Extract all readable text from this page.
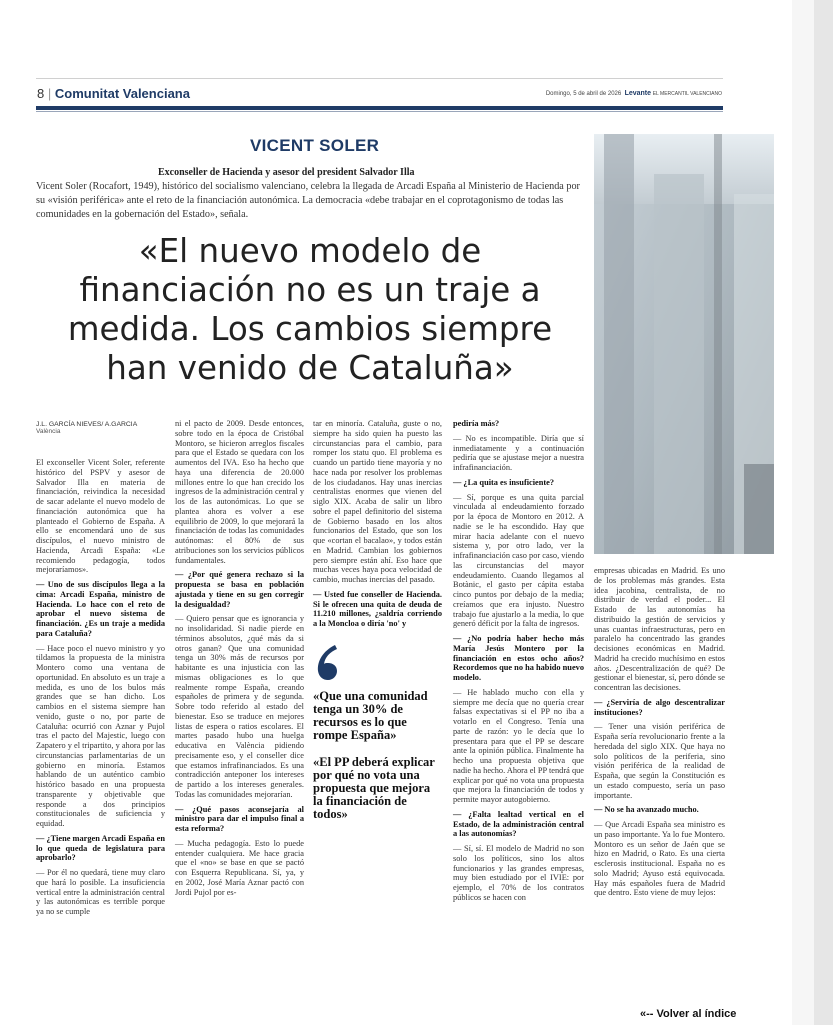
8 | Comunitat Valenciana	Domingo, 5 de abril de 2026 Levante EL MERCANTIL VALENCIANO
VICENT SOLER
Exconseller de Hacienda y asesor del president Salvador Illa
Vicent Soler (Rocafort, 1949), histórico del socialismo valenciano, celebra la llegada de Arcadi España al Ministerio de Hacienda por su «visión periférica» ante el reto de la financiación autonómica. La democracia «debe trabajar en el coprotagonismo de todas las comunidades en la gobernación del Estado», señala.
«El nuevo modelo de financiación no es un traje a medida. Los cambios siempre han venido de Cataluña»
J.L. GARCÍA NIEVES/ A.GARCIA
València

El exconseller Vicent Soler, referente histórico del PSPV y asesor de Salvador Illa en materia de financiación, reivindica la necesidad de sacar adelante el nuevo modelo de financiación autonómica que ha planteado el Gobierno de España. A ello se encomendará uno de sus discípulos, el nuevo ministro de Hacienda, Arcadi España: «Le recomiendo pedagogía, todos mejoraríamos».

— Uno de sus discípulos llega a la cima: Arcadi España, ministro de Hacienda. Lo hace con el reto de aprobar el nuevo sistema de financiación. ¿Es un traje a medida para Cataluña?

— Hace poco el nuevo ministro y yo tildamos la propuesta de la ministra Montero como una ventana de oportunidad. En absoluto es un traje a medida, es uno de los bulos más grandes que se han dicho. Los cambios en el sistema siempre han venido, guste o no, por parte de Cataluña: ocurrió con Aznar y Pujol tras el pacto del Majestic, luego con Zapatero y el tripartito, y ahora por las circunstancias parlamentarias de un gobierno en minoría. Estamos hablando de un auténtico cambio histórico basado en una propuesta transparente y objetivable que responde a dos principios constitucionales de suficiencia y equidad.

— ¿Tiene margen Arcadi España en lo que queda de legislatura para aprobarlo?

— Por él no quedará, tiene muy claro que hará lo posible. La insuficiencia vertical entre la administración central y las autonómicas es terrible porque ya no se cumple

ni el pacto de 2009. Desde entonces, sobre todo en la época de Cristóbal Montoro, se hicieron arreglos fiscales para que el Estado se quedara con los aumentos del IVA. Eso ha hecho que haya una diferencia de 20.000 millones entre lo que han crecido los ingresos de la administración central y los de las autonómicas. Lo que se plantea ahora es volver a ese equilibrio de 2009, lo que mejorará la financiación de todas las comunidades autónomas: el 80% de sus atribuciones son los servicios públicos fundamentales.

— ¿Por qué genera rechazo si la propuesta se basa en población ajustada y tiene en su gen corregir la desigualdad?

— Quiero pensar que es ignorancia y no insolidaridad. Si nadie pierde en términos absolutos, ¿qué más da si otros ganan? Que una comunidad tenga un 30% más de recursos por habitante es una injusticia con las mismas obligaciones es lo que realmente rompe España, creando españoles de primera y de segunda. Sobre todo referido al estado del bienestar. Eso se traduce en mejores listas de espera o ratios escolares. El martes pasado hubo una huelga educativa en València pidiendo precisamente eso, y el conseller dice que estamos infrafinanciados. Es una contradicción anteponer los intereses de partido a los intereses generales. Todas las comunidades mejorarían.

— ¿Qué pasos aconsejaría al ministro para dar el impulso final a esta reforma?

— Mucha pedagogía. Esto lo puede entender cualquiera. Me hace gracia que el «no» se base en que se pactó con Esquerra Republicana. Sí, ya, y en 2002, José María Aznar pactó con Jordi Pujol por es-

tar en minoría. Cataluña, guste o no, siempre ha sido quien ha puesto las circunstancias para el cambio, para romper los statu quo. El problema es cuando un partido tiene mayoría y no hace nada por resolver los problemas de los ciudadanos. Hay unas inercias centralistas enormes que vienen del siglo XIX. Acaba de salir un libro sobre el papel definitorio del sistema de Gobierno basado en los altos funcionarios del Estado, que son los que «cortan el bacalao», y todos están en Madrid. Cambian los gobiernos pero siempre están ahí. Eso hace que muchas veces haya poca velocidad de cambio, muchas inercias del pasado.

— Usted fue conseller de Hacienda. Si le ofrecen una quita de deuda de 11.210 millones, ¿saldría corriendo a la Moncloa o diría 'no' y

pediría más?

— No es incompatible. Diría que sí inmediatamente y a continuación pediría que se ajustase mejor a nuestra infrafinanciación.

— ¿La quita es insuficiente?

— Sí, porque es una quita parcial vinculada al endeudamiento forzado por la época de Montoro en 2012. A nadie se le ha escondido. Hay que mirar hacia adelante con el nuevo sistema y, por otro lado, ver la infrafinanciación caso por caso, viendo las circunstancias del mayor endeudamiento. Cuando llegamos al Botànic, el gasto per cápita estaba cinco puntos por debajo de la media; creíamos que era injusto. Nuestro trabajo fue ajustarlo a la media, lo que generó déficit por la falta de ingresos.

— ¿No podría haber hecho más María Jesús Montero por la financiación en estos ocho años? Recordemos que no ha habido nuevo modelo.

— He hablado mucho con ella y siempre me decía que no quería crear falsas expectativas si el PP no iba a votarlo en el Congreso. Tenía una parte de razón: yo le decía que lo presentara para que el PP se descare ante la opinión pública. Finalmente ha hecho una propuesta objetiva que nadie ha hecho. Ahora el PP tendrá que explicar por qué no vota una propuesta que mejora la financiación de todos y permite mayor autogobierno.

— ¿Falta lealtad vertical en el Estado, de la administración central a las autonomías?

— Sí, sí. El modelo de Madrid no son solo los políticos, sino los altos funcionarios y las grandes empresas, muy bien estudiado por el IVIE: por ejemplo, el 70% de los contratos públicos se hacen con

empresas ubicadas en Madrid. Es uno de los problemas más grandes. Esta idea jacobina, centralista, de no distribuir de verdad el poder... El Estado de las autonomías ha distribuido la gestión de servicios y unas cuantas infraestructuras, pero en paralelo ha concentrado las grandes decisiones económicas en Madrid. Madrid ha crecido muchísimo en estos años. ¿Descentralización de qué? De gestionar el bienestar, sí, pero dónde se concentran las decisiones.

— ¿Serviría de algo descentralizar instituciones?

— Tener una visión periférica de España sería revolucionario frente a la heredada del siglo XIX. Que haya no solo políticos de la periferia, sino visión periférica de la realidad de España, que según la Constitución es un estado compuesto, sería un paso importante.

— No se ha avanzado mucho.

— Que Arcadi España sea ministro es un paso importante. Ya lo fue Montero. Montoro es un señor de Jaén que se hizo en Madrid, o Rato. Es una cierta esclerosis institucional. España no es solo Madrid; Ayuso está equivocada. Hay más españoles fuera de Madrid que dentro. Esto viene de muy lejos:

«Que una comunidad tenga un 30% de recursos es lo que rompe España»
«El PP deberá explicar por qué no vota una propuesta que mejora la financiación de todos»
«-- Volver al índice
